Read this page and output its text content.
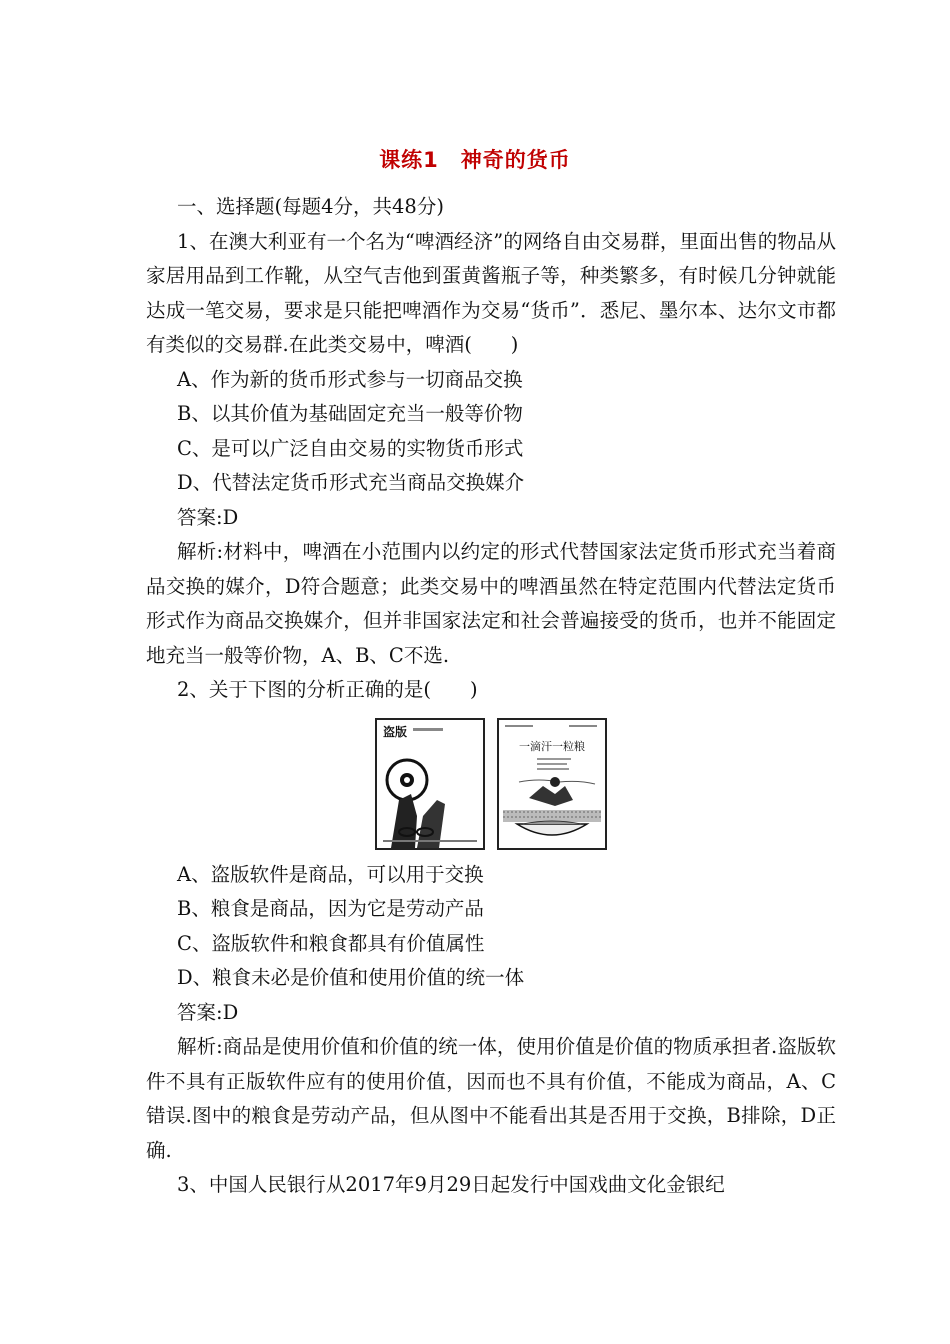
课练1　神奇的货币

一、选择题(每题4分，共48分)

1、在澳大利亚有一个名为“啤酒经济”的网络自由交易群，里面出售的物品从家居用品到工作靴，从空气吉他到蛋黄酱瓶子等，种类繁多，有时候几分钟就能达成一笔交易，要求是只能把啤酒作为交易“货币”．悉尼、墨尔本、达尔文市都有类似的交易群.在此类交易中，啤酒(　　)

A、作为新的货币形式参与一切商品交换

B、以其价值为基础固定充当一般等价物

C、是可以广泛自由交易的实物货币形式

D、代替法定货币形式充当商品交换媒介

答案:D

解析:材料中，啤酒在小范围内以约定的形式代替国家法定货币形式充当着商品交换的媒介，D符合题意；此类交易中的啤酒虽然在特定范围内代替法定货币形式作为商品交换媒介，但并非国家法定和社会普遍接受的货币，也并不能固定地充当一般等价物，A、B、C不选.

2、关于下图的分析正确的是(　　)

盗版
一滴汗一粒粮

A、盗版软件是商品，可以用于交换

B、粮食是商品，因为它是劳动产品

C、盗版软件和粮食都具有价值属性

D、粮食未必是价值和使用价值的统一体

答案:D

解析:商品是使用价值和价值的统一体，使用价值是价值的物质承担者.盗版软件不具有正版软件应有的使用价值，因而也不具有价值，不能成为商品，A、C错误.图中的粮食是劳动产品，但从图中不能看出其是否用于交换，B排除，D正确.

3、中国人民银行从2017年9月29日起发行中国戏曲文化金银纪
